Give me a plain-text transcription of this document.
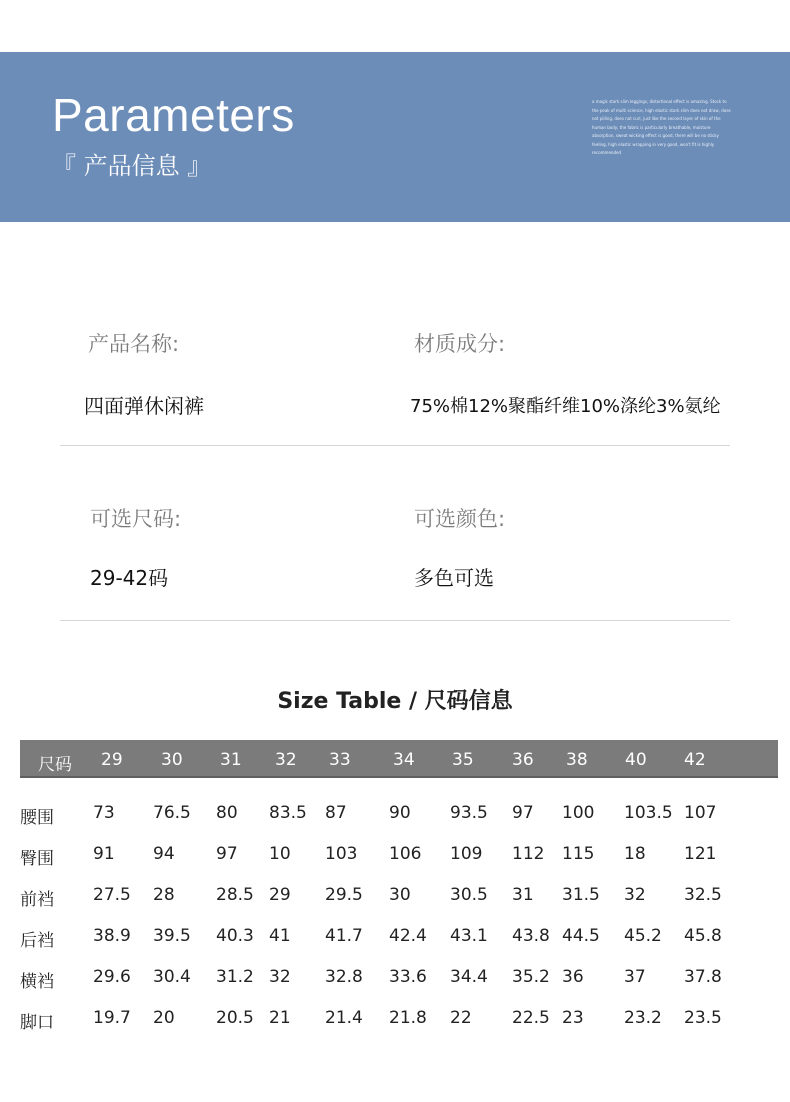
Parameters
『 产品信息 』
a magic stark slim leggings, distortional effect is amazing. Stock to the peak of multi science, high elastic stark slim does not draw, does not pilling, does not curl, just like the second layer of skin of the human body, the fabric is particularly breathable, moisture absorption, sweat wicking effect is good, there will be no sticky feeling, high elastic wrapping in very good, won't fit is highly recommended
产品名称:	材质成分:
四面弹休闲裤	75%棉12%聚酯纤维10%涤纶3%氨纶
可选尺码:	可选颜色:
29-42码	多色可选
Size Table / 尺码信息
尺码 29 30 31 32 33 34 35 36 38 40 42
腰围 73 76.5 80 83.5 87 90 93.5 97 100 103.5 107
臀围 91 94 97 10 103 106 109 112 115 18 121
前裆 27.5 28 28.5 29 29.5 30 30.5 31 31.5 32 32.5
后裆 38.9 39.5 40.3 41 41.7 42.4 43.1 43.8 44.5 45.2 45.8
横裆 29.6 30.4 31.2 32 32.8 33.6 34.4 35.2 36 37 37.8
脚口 19.7 20 20.5 21 21.4 21.8 22 22.5 23 23.2 23.5
